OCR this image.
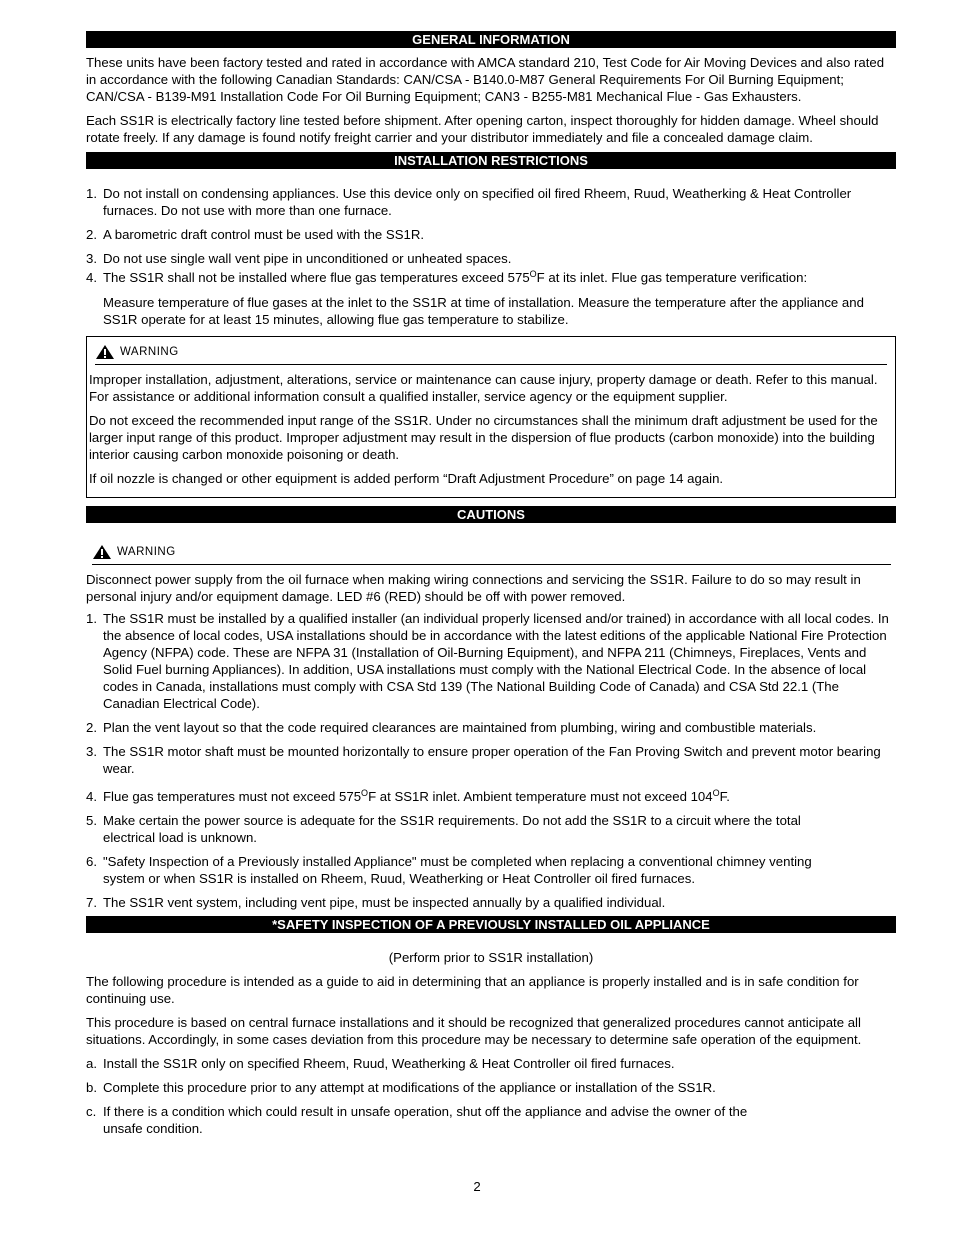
GENERAL INFORMATION

These units have been factory tested and rated in accordance with AMCA standard 210, Test Code for Air Moving Devices and also rated in accordance with the following Canadian Standards: CAN/CSA - B140.0-M87 General Requirements For Oil Burning Equipment; CAN/CSA - B139-M91 Installation Code For Oil Burning Equipment; CAN3 - B255-M81 Mechanical Flue - Gas Exhausters.

Each SS1R is electrically factory line tested before shipment. After opening carton, inspect thoroughly for hidden damage. Wheel should rotate freely. If any damage is found notify freight carrier and your distributor immediately and file a concealed damage claim.

INSTALLATION RESTRICTIONS
1. Do not install on condensing appliances. Use this device only on specified oil fired Rheem, Ruud, Weatherking & Heat Controller furnaces. Do not use with more than one furnace.
2. A barometric draft control must be used with the SS1R.
3. Do not use single wall vent pipe in unconditioned or unheated spaces.
4. The SS1R shall not be installed where flue gas temperatures exceed $575^OF$ at its inlet. Flue gas temperature verification:

Measure temperature of flue gases at the inlet to the SS1R at time of installation. Measure the temperature after the appliance and SS1R operate for at least 15 minutes, allowing flue gas temperature to stabilize.

WARNING

Improper installation, adjustment, alterations, service or maintenance can cause injury, property damage or death. Refer to this manual. For assistance or additional information consult a qualified installer, service agency or the equipment supplier.

Do not exceed the recommended input range of the SS1R. Under no circumstances shall the minimum draft adjustment be used for the larger input range of this product. Improper adjustment may result in the dispersion of flue products (carbon monoxide) into the building interior causing carbon monoxide poisoning or death.

If oil nozzle is changed or other equipment is added perform “Draft Adjustment Procedure” on page 14 again.

CAUTIONS
WARNING

Disconnect power supply from the oil furnace when making wiring connections and servicing the SS1R. Failure to do so may result in personal injury and/or equipment damage. LED #6 (RED) should be off with power removed.

1. The SS1R must be installed by a qualified installer (an individual properly licensed and/or trained) in accordance with all local codes. In the absence of local codes, USA installations should be in accordance with the latest editions of the applicable National Fire Protection Agency (NFPA) code. These are NFPA 31 (Installation of Oil-Burning Equipment), and NFPA 211 (Chimneys, Fireplaces, Vents and Solid Fuel burning Appliances). In addition, USA installations must comply with the National Electrical Code. In the absence of local codes in Canada, installations must comply with CSA Std 139 (The National Building Code of Canada) and CSA Std 22.1 (The Canadian Electrical Code).
2. Plan the vent layout so that the code required clearances are maintained from plumbing, wiring and combustible materials.
3. The SS1R motor shaft must be mounted horizontally to ensure proper operation of the Fan Proving Switch and prevent motor bearing wear.
4. Flue gas temperatures must not exceed $575^OF$ at SS1R inlet. Ambient temperature must not exceed $104^OF$.
5. Make certain the power source is adequate for the SS1R requirements. Do not add the SS1R to a circuit where the total electrical load is unknown.
6. "Safety Inspection of a Previously installed Appliance" must be completed when replacing a conventional chimney venting system or when SS1R is installed on Rheem, Ruud, Weatherking or Heat Controller oil fired furnaces.
7. The SS1R vent system, including vent pipe, must be inspected annually by a qualified individual.
*SAFETY INSPECTION OF A PREVIOUSLY INSTALLED OIL APPLIANCE

(Perform prior to SS1R installation)

The following procedure is intended as a guide to aid in determining that an appliance is properly installed and is in safe condition for continuing use.

This procedure is based on central furnace installations and it should be recognized that generalized procedures cannot anticipate all situations. Accordingly, in some cases deviation from this procedure may be necessary to determine safe operation of the equipment.

a. Install the SS1R only on specified Rheem, Ruud, Weatherking & Heat Controller oil fired furnaces.
b. Complete this procedure prior to any attempt at modifications of the appliance or installation of the SS1R.
c. If there is a condition which could result in unsafe operation, shut off the appliance and advise the owner of the unsafe condition.
2
